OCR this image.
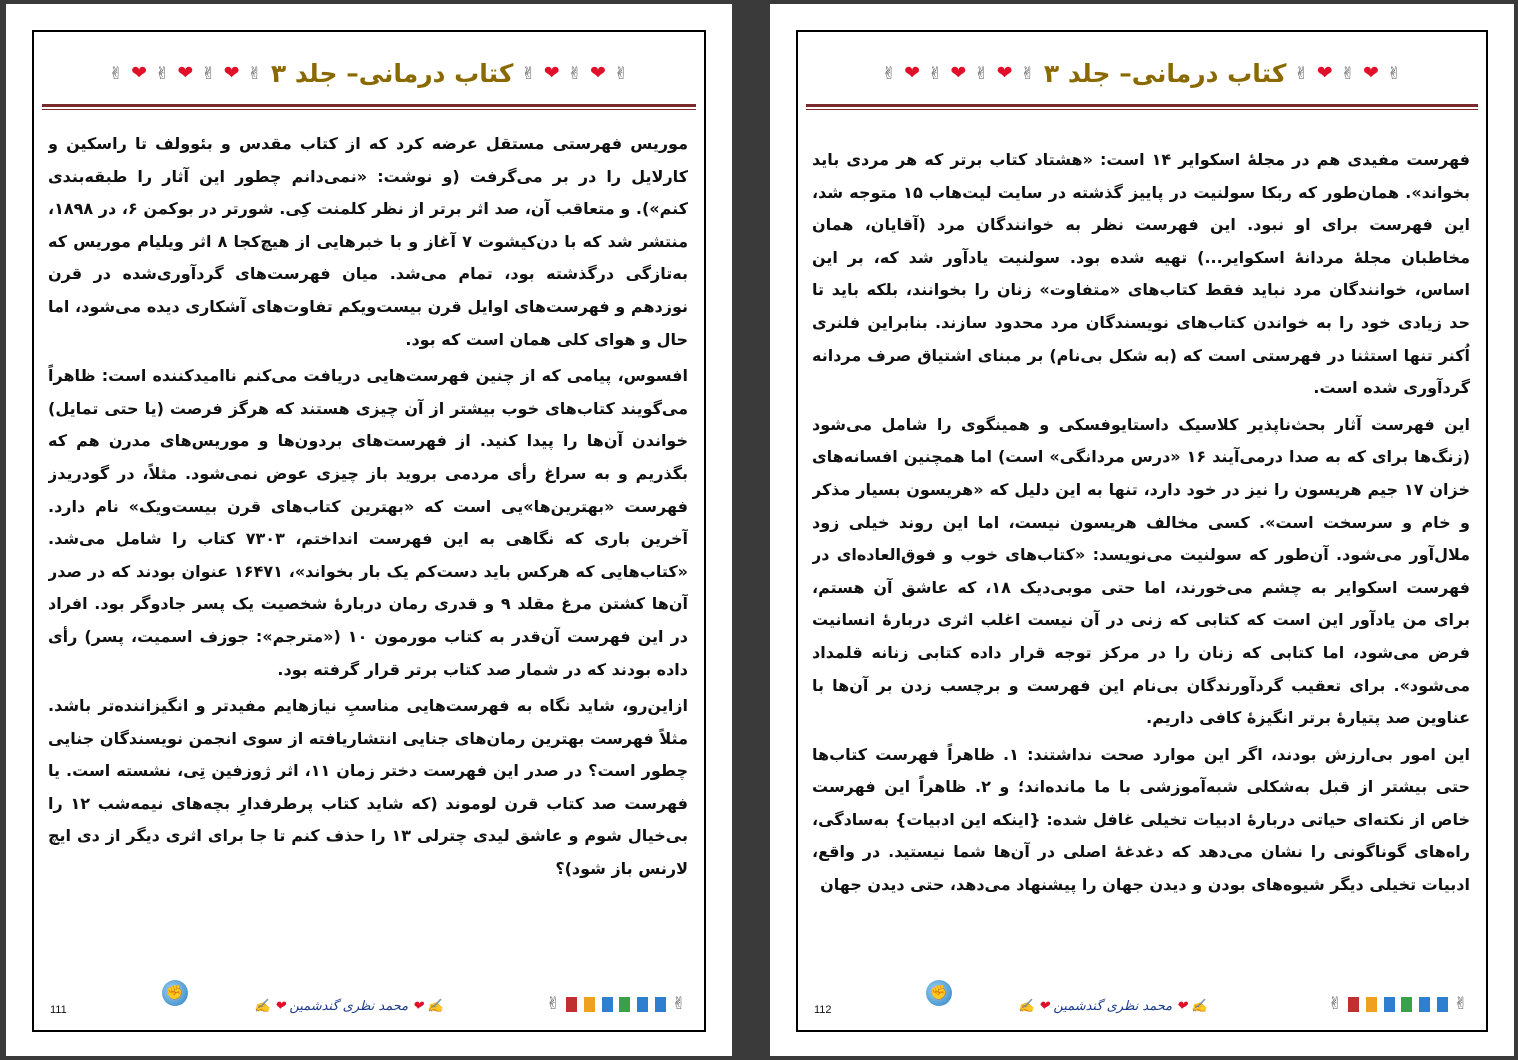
✌ ❤ ✌ ❤ ✌
کتاب درمانی– جلد ۳
✌ ❤ ✌ ❤ ✌ ❤ ✌

موریس فهرستی مستقل عرضه کرد که از کتاب مقدس و بئوولف تا راسکین و کارلایل را در بر می‌گرفت (و نوشت: «نمی‌دانم چطور این آثار را طبقه‌بندی کنم»). و متعاقب آن، صد اثر برتر از نظر کلمنت کِی. شورتر در بوکمن ۶، در ۱۸۹۸، منتشر شد که با دن‌کیشوت ۷ آغاز و با خبرهایی از هیچ‌کجا ۸ اثر ویلیام موریس که به‌تازگی درگذشته بود، تمام می‌شد. میان فهرست‌های گردآوری‌شده در قرن نوزدهم و فهرست‌های اوایل قرن بیست‌ویکم تفاوت‌های آشکاری دیده می‌شود، اما حال و هوای کلی همان است که بود.

افسوس، پیامی که از چنین فهرست‌هایی دریافت می‌کنم ناامیدکننده است: ظاهراً می‌گویند کتاب‌های خوب بیشتر از آن چیزی هستند که هرگز فرصت (یا حتی تمایل) خواندن آن‌ها را پیدا کنید. از فهرست‌های بردون‌ها و موریس‌های مدرن هم که بگذریم و به سراغ رأی مردمی بروید باز چیزی عوض نمی‌شود. مثلاً، در گودریدز فهرست «بهترین‌ها»یی است که «بهترین کتاب‌های قرن بیست‌ویک» نام دارد. آخرین باری که نگاهی به این فهرست انداختم، ۷۳۰۳ کتاب را شامل می‌شد. «کتاب‌هایی که هرکس باید دست‌کم یک بار بخواند»، ۱۶۴۷۱ عنوان بودند که در صدر آن‌ها کشتن مرغ مقلد ۹ و قدری رمان دربارهٔ شخصیت یک پسر جادوگر بود. افراد در این فهرست آن‌قدر به کتاب مورمون ۱۰ («مترجم»: جوزف اسمیت، پسر) رأی داده بودند که در شمار صد کتاب برتر قرار گرفته بود.

ازاین‌رو، شاید نگاه به فهرست‌هایی مناسبِ نیازهایم مفیدتر و انگیزاننده‌تر باشد. مثلاً فهرست بهترین رمان‌های جنایی انتشاریافته از سوی انجمن نویسندگان جنایی چطور است؟ در صدر این فهرست دختر زمان ۱۱، اثر ژوزفین تِی، نشسته است. یا فهرست صد کتاب قرن لوموند (که شاید کتاب پرطرفدارِ بچه‌های نیمه‌شب ۱۲ را بی‌خیال شوم و عاشق لیدی چترلی ۱۳ را حذف کنم تا جا برای اثری دیگر از دی ایچ لارنس باز شود)؟

111
✊
✍ ❤ محمد نظری گندشمین ❤ ✍	✌	✌
✌ ❤ ✌ ❤ ✌
کتاب درمانی– جلد ۳
✌ ❤ ✌ ❤ ✌ ❤ ✌

فهرست مفیدی هم در مجلهٔ اسکوایر ۱۴ است: «هشتاد کتاب برتر که هر مردی باید بخواند». همان‌طور که ربکا سولنیت در پاییز گذشته در سایت لیت‌هاب ۱۵ متوجه شد، این فهرست برای او نبود. این فهرست نظر به خوانندگان مرد (آقایان، همان مخاطبان مجلهٔ مردانهٔ اسکوایر...) تهیه شده بود. سولنیت یادآور شد که، بر این اساس، خوانندگان مرد نباید فقط کتاب‌های «متفاوت» زنان را بخوانند، بلکه باید تا حد زیادی خود را به خواندن کتاب‌های نویسندگان مرد محدود سازند. بنابراین فلنری اُکنر تنها استثنا در فهرستی است که (به شکل بی‌نام) بر مبنای اشتیاق صرف مردانه گردآوری شده است.

این فهرست آثار بحث‌ناپذیر کلاسیک داستایوفسکی و همینگوی را شامل می‌شود (زنگ‌ها برای که به صدا درمی‌آیند ۱۶ «درس مردانگی» است) اما همچنین افسانه‌های خزان ۱۷ جیم هریسون را نیز در خود دارد، تنها به این دلیل که «هریسون بسیار مذکر و خام و سرسخت است». کسی مخالف هریسون نیست، اما این روند خیلی زود ملال‌آور می‌شود. آن‌طور که سولنیت می‌نویسد: «کتاب‌های خوب و فوق‌العاده‌ای در فهرست اسکوایر به چشم می‌خورند، اما حتی موبی‌دیک ۱۸، که عاشق آن هستم، برای من یادآور این است که کتابی که زنی در آن نیست اغلب اثری دربارهٔ انسانیت فرض می‌شود، اما کتابی که زنان را در مرکز توجه قرار داده کتابی زنانه قلمداد می‌شود». برای تعقیب گردآورندگان بی‌نام این فهرست و برچسب زدن بر آن‌ها با عناوین صد پتیارهٔ برتر انگیزهٔ کافی داریم.

این امور بی‌ارزش بودند، اگر این موارد صحت نداشتند: ۱. ظاهراً فهرست کتاب‌ها حتی بیشتر از قبل به‌شکلی شبه‌آموزشی با ما مانده‌اند؛ و ۲. ظاهراً این فهرست خاص از نکته‌ای حیاتی دربارهٔ ادبیات تخیلی غافل شده: {اینکه این ادبیات} به‌سادگی، راه‌های گوناگونی را نشان می‌دهد که دغدغهٔ اصلی در آن‌ها شما نیستید. در واقع، ادبیات تخیلی دیگر شیوه‌های بودن و دیدن جهان را پیشنهاد می‌دهد، حتی دیدن جهان

112
✊
✍ ❤ محمد نظری گندشمین ❤ ✍	✌	✌
